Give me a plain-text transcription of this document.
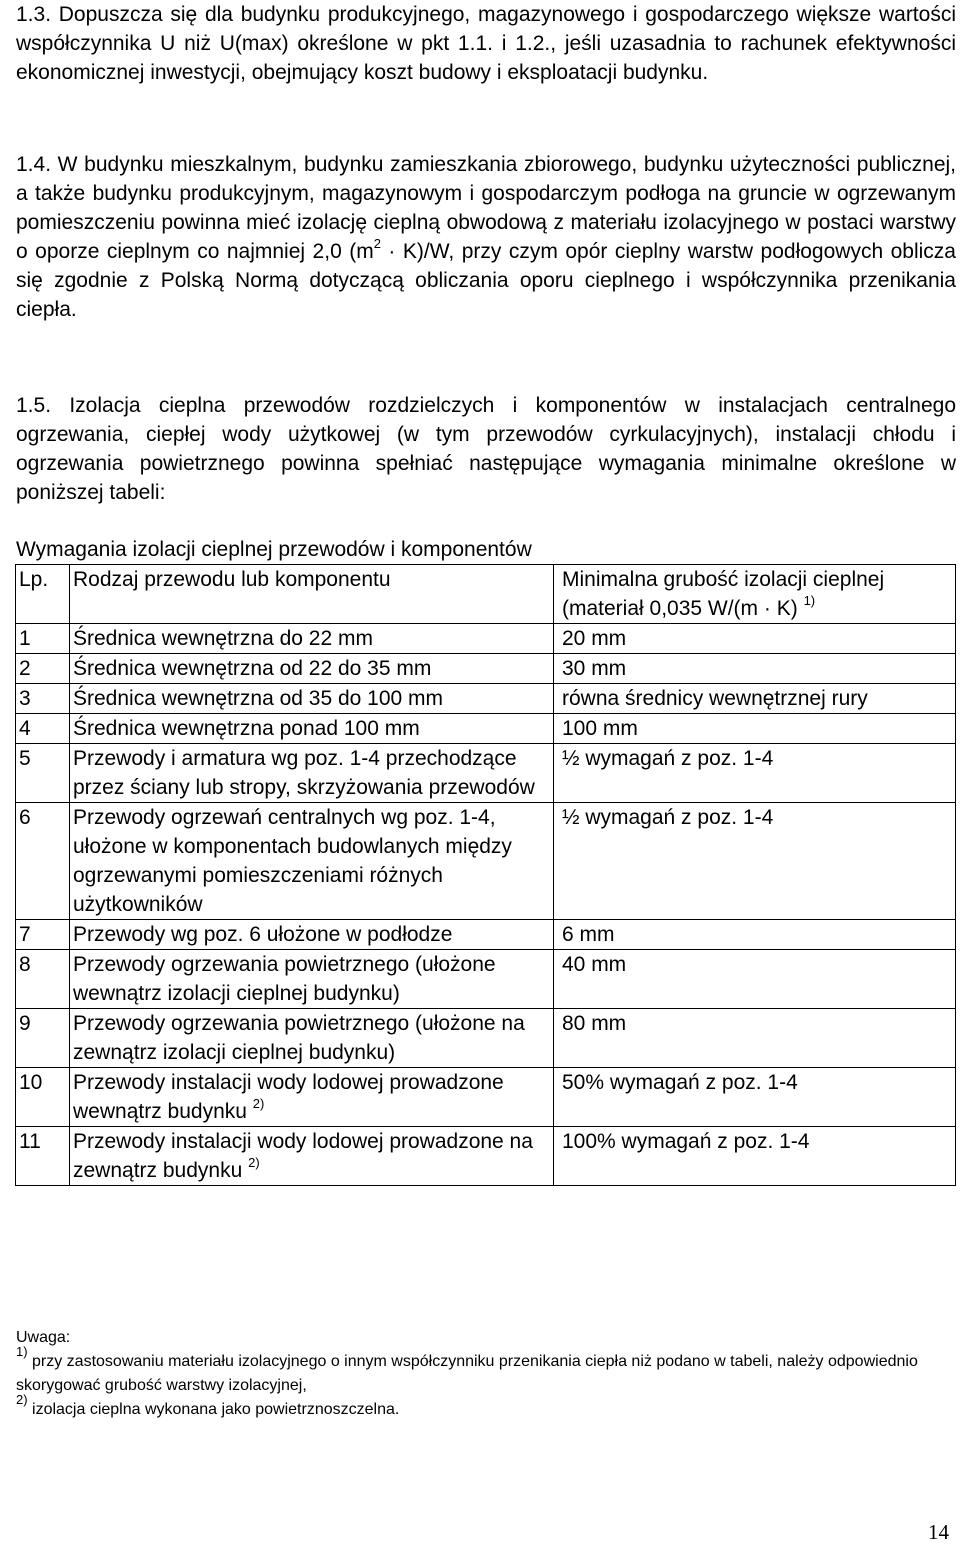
1.3. Dopuszcza się dla budynku produkcyjnego, magazynowego i gospodarczego większe wartości współczynnika U niż U(max) określone w pkt 1.1. i 1.2., jeśli uzasadnia to rachunek efektywności ekonomicznej inwestycji, obejmujący koszt budowy i eksploatacji budynku.

1.4. W budynku mieszkalnym, budynku zamieszkania zbiorowego, budynku użyteczności publicznej, a także budynku produkcyjnym, magazynowym i gospodarczym podłoga na gruncie w ogrzewanym pomieszczeniu powinna mieć izolację cieplną obwodową z materiału izolacyjnego w postaci warstwy o oporze cieplnym co najmniej 2,0 $(m^2 \cdot K)/W$, przy czym opór cieplny warstw podłogowych oblicza się zgodnie z Polską Normą dotyczącą obliczania oporu cieplnego i współczynnika przenikania ciepła.

1.5. Izolacja cieplna przewodów rozdzielczych i komponentów w instalacjach centralnego ogrzewania, ciepłej wody użytkowej (w tym przewodów cyrkulacyjnych), instalacji chłodu i ogrzewania powietrznego powinna spełniać następujące wymagania minimalne określone w poniższej tabeli:

Wymagania izolacji cieplnej przewodów i komponentów

Lp.	Rodzaj przewodu lub komponentu	Minimalna grubość izolacji cieplnej
(materiał 0,035 W/(m · K) $^{1)}$
1	Średnica wewnętrzna do 22 mm	20 mm
2	Średnica wewnętrzna od 22 do 35 mm	30 mm
3	Średnica wewnętrzna od 35 do 100 mm	równa średnicy wewnętrznej rury
4	Średnica wewnętrzna ponad 100 mm	100 mm
5	Przewody i armatura wg poz. 1-4 przechodzące przez ściany lub stropy, skrzyżowania przewodów	½ wymagań z poz. 1-4
6	Przewody ogrzewań centralnych wg poz. 1-4, ułożone w komponentach budowlanych między ogrzewanymi pomieszczeniami różnych użytkowników	½ wymagań z poz. 1-4
7	Przewody wg poz. 6 ułożone w podłodze	6 mm
8	Przewody ogrzewania powietrznego (ułożone wewnątrz izolacji cieplnej budynku)	40 mm
9	Przewody ogrzewania powietrznego (ułożone na zewnątrz izolacji cieplnej budynku)	80 mm
10	Przewody instalacji wody lodowej prowadzone wewnątrz budynku $^{2)}$	50% wymagań z poz. 1-4
11	Przewody instalacji wody lodowej prowadzone na zewnątrz budynku $^{2)}$	100% wymagań z poz. 1-4

Uwaga:

$^{1)}$ przy zastosowaniu materiału izolacyjnego o innym współczynniku przenikania ciepła niż podano w tabeli, należy odpowiednio skorygować grubość warstwy izolacyjnej,

$^{2)}$ izolacja cieplna wykonana jako powietrznoszczelna.

14
